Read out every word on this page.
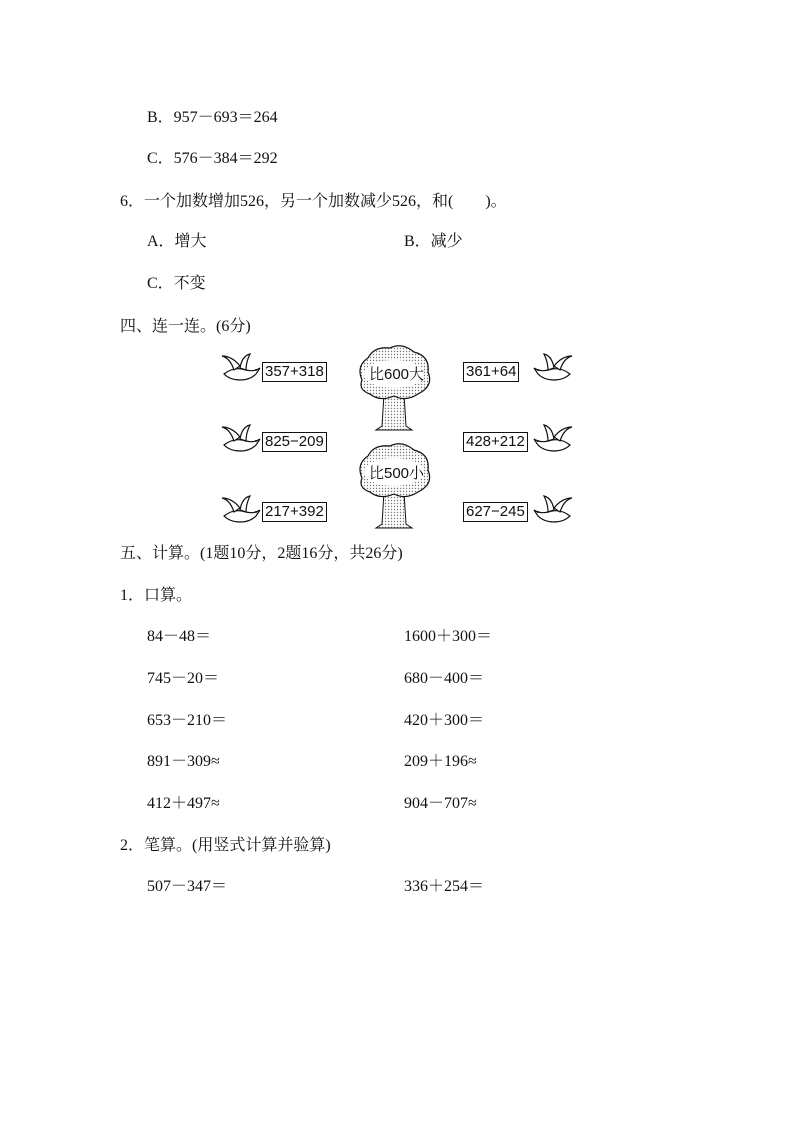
B．957－693＝264
C．576－384＝292
6．一个加数增加526，另一个加数减少526，和(　　)。
A．增大	B．减少
C．不变
四、连一连。(6分)
357+318
825−209
217+392
比600大
比500小
361+64
428+212
627−245
五、计算。(1题10分，2题16分，共26分)
1．口算。
84－48＝	1600＋300＝
745－20＝	680－400＝
653－210＝	420＋300＝
891－309≈	209＋196≈
412＋497≈	904－707≈
2．笔算。(用竖式计算并验算)
507－347＝	336＋254＝
